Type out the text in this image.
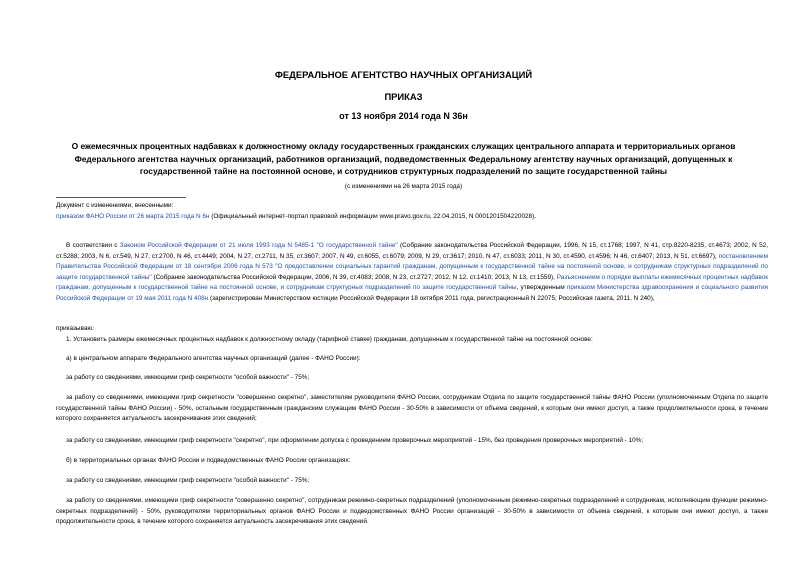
ФЕДЕРАЛЬНОЕ АГЕНТСТВО НАУЧНЫХ ОРГАНИЗАЦИЙ
ПРИКАЗ
от 13 ноября 2014 года N 36н
О ежемесячных процентных надбавках к должностному окладу государственных гражданских служащих центрального аппарата и территориальных органов Федерального агентства научных организаций, работников организаций, подведомственных Федеральному агентству научных организаций, допущенных к государственной тайне на постоянной основе, и сотрудников структурных подразделений по защите государственной тайны
(с изменениями на 26 марта 2015 года)
Документ с изменениями, внесенными:
приказом ФАНО России от 26 марта 2015 года N 6н (Официальный интернет-портал правовой информации www.pravo.gov.ru, 22.04.2015, N 0001201504220028).
В соответствии с Законом Российской Федерации от 21 июля 1993 года N 5485-1 "О государственной тайне" (Собрание законодательства Российской Федерации, 1996, N 15, ст.1768; 1997, N 41, стр.8220-8235, ст.4673; 2002, N 52, ст.5288; 2003, N 6, ст.549, N 27, ст.2700, N 46, ст.4449; 2004, N 27, ст.2711, N 35, ст.3607; 2007, N 49, ст.6055, ст.6079; 2009, N 29, ст.3617; 2010, N 47, ст.6033; 2011, N 30, ст.4590, ст.4596; N 46, ст.6407; 2013, N 51, ст.6697), постановлением Правительства Российской Федерации от 18 сентября 2006 года N 573 "О предоставлении социальных гарантий гражданам, допущенным к государственной тайне на постоянной основе, и сотрудникам структурных подразделений по защите государственной тайны" (Собрание законодательства Российской Федерации, 2006, N 39, ст.4083; 2008, N 23, ст.2727; 2012, N 12, ст.1410; 2013, N 13, ст.1559), Разъяснением о порядке выплаты ежемесячных процентных надбавок гражданам, допущенным к государственной тайне на постоянной основе, и сотрудникам структурных подразделений по защите государственной тайны, утвержденным приказом Министерства здравоохранения и социального развития Российской Федерации от 19 мая 2011 года N 408н (зарегистрирован Министерством юстиции Российской Федерации 18 октября 2011 года, регистрационный N 22075; Российская газета, 2011, N 240),
приказываю:
1. Установить размеры ежемесячных процентных надбавок к должностному окладу (тарифной ставке) гражданам, допущенным к государственной тайне на постоянной основе:
а) в центральном аппарате Федерального агентства научных организаций (далее - ФАНО России):
за работу со сведениями, имеющими гриф секретности "особой важности" - 75%;
за работу со сведениями, имеющими гриф секретности "совершенно секретно", заместителям руководителя ФАНО России, сотрудникам Отдела по защите государственной тайны ФАНО России (уполномоченным Отдела по защите государственной тайны ФАНО России) - 50%, остальным государственным гражданским служащим ФАНО России - 30-50% в зависимости от объема сведений, к которым они имеют доступ, а также продолжительности срока, в течение которого сохраняется актуальность засекречивания этих сведений;
за работу со сведениями, имеющими гриф секретности "секретно", при оформлении допуска с проведением проверочных мероприятий - 15%, без проведения проверочных мероприятий - 10%;
б) в территориальных органах ФАНО России и подведомственных ФАНО России организациях:
за работу со сведениями, имеющими гриф секретности "особой важности" - 75%;
за работу со сведениями, имеющими гриф секретности "совершенно секретно", сотрудникам режимно-секретных подразделений (уполномоченным режимно-секретных подразделений и сотрудникам, исполняющим функции режимно-секретных подразделений) - 50%, руководителям территориальных органов ФАНО России и подведомственных ФАНО России организаций - 30-50% в зависимости от объема сведений, к которым они имеют доступ, а также продолжительности срока, в течение которого сохраняется актуальность засекречивания этих сведений.
